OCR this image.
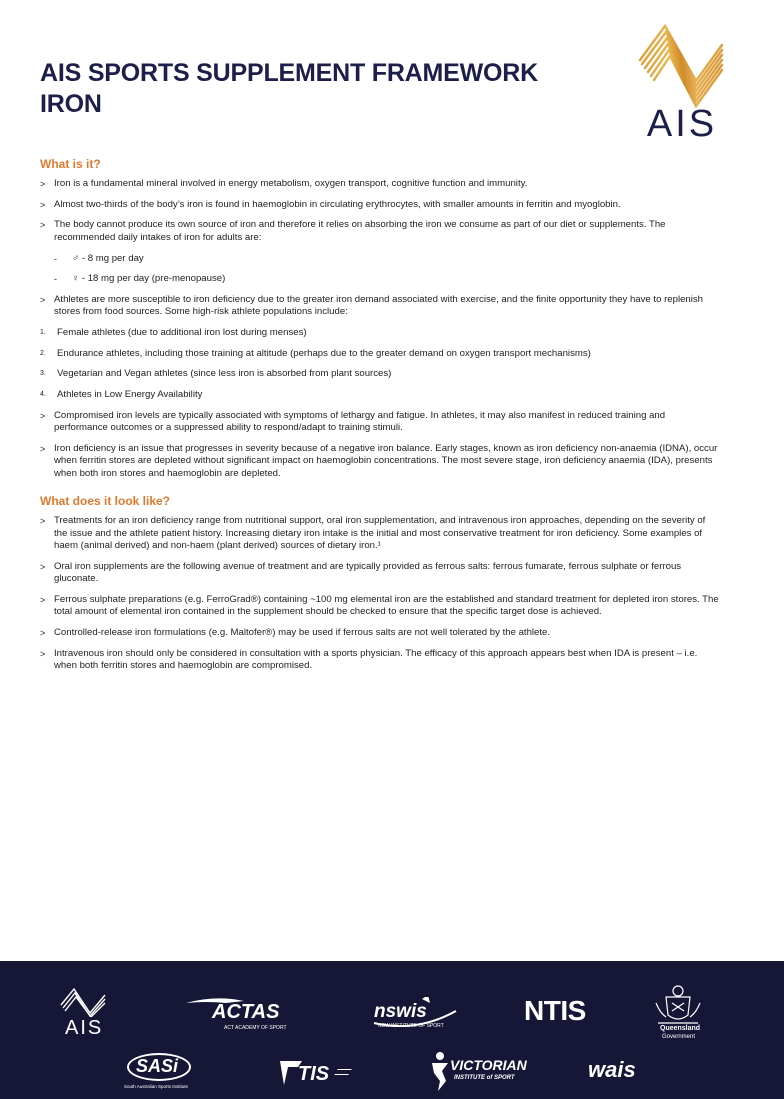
AIS SPORTS SUPPLEMENT FRAMEWORK
IRON	AIS
What is it?
> Iron is a fundamental mineral involved in energy metabolism, oxygen transport, cognitive function and immunity.
> Almost two-thirds of the body’s iron is found in haemoglobin in circulating erythrocytes, with smaller amounts in ferritin and myoglobin.
> The body cannot produce its own source of iron and therefore it relies on absorbing the iron we consume as part of our diet or supplements. The recommended daily intakes of iron for adults are:
- ♂ - 8 mg per day
- ♀ - 18 mg per day (pre-menopause)
> Athletes are more susceptible to iron deficiency due to the greater iron demand associated with exercise, and the finite opportunity they have to replenish stores from food sources. Some high-risk athlete populations include:
1. Female athletes (due to additional iron lost during menses)
2. Endurance athletes, including those training at altitude (perhaps due to the greater demand on oxygen transport mechanisms)
3. Vegetarian and Vegan athletes (since less iron is absorbed from plant sources)
4. Athletes in Low Energy Availability
> Compromised iron levels are typically associated with symptoms of lethargy and fatigue. In athletes, it may also manifest in reduced training and performance outcomes or a suppressed ability to respond/adapt to training stimuli.
> Iron deficiency is an issue that progresses in severity because of a negative iron balance. Early stages, known as iron deficiency non-anaemia (IDNA), occur when ferritin stores are depleted without significant impact on haemoglobin concentrations. The most severe stage, iron deficiency anaemia (IDA), presents when both iron stores and haemoglobin are depleted.
What does it look like?
> Treatments for an iron deficiency range from nutritional support, oral iron supplementation, and intravenous iron approaches, depending on the severity of the issue and the athlete patient history. Increasing dietary iron intake is the initial and most conservative treatment for iron deficiency. Some examples of haem (animal derived) and non-haem (plant derived) sources of dietary iron.¹
> Oral iron supplements are the following avenue of treatment and are typically provided as ferrous salts: ferrous fumarate, ferrous sulphate or ferrous gluconate.
> Ferrous sulphate preparations (e.g. FerroGrad®) containing ~100 mg elemental iron are the established and standard treatment for depleted iron stores. The total amount of elemental iron contained in the supplement should be checked to ensure that the specific target dose is achieved.
> Controlled-release iron formulations (e.g. Maltofer®) may be used if ferrous salts are not well tolerated by the athlete.
> Intravenous iron should only be considered in consultation with a sports physician. The efficacy of this approach appears best when IDA is present – i.e. when both ferritin stores and haemoglobin are compromised.
AIS
ACTAS
ACT ACADEMY OF SPORT
nswis
NSW INSTITUTE OF SPORT	NTIS
Queensland
Government
SASi
South Australian Sports Institute
TIS	VICTORIAN
INSTITUTE of SPORT	wais
